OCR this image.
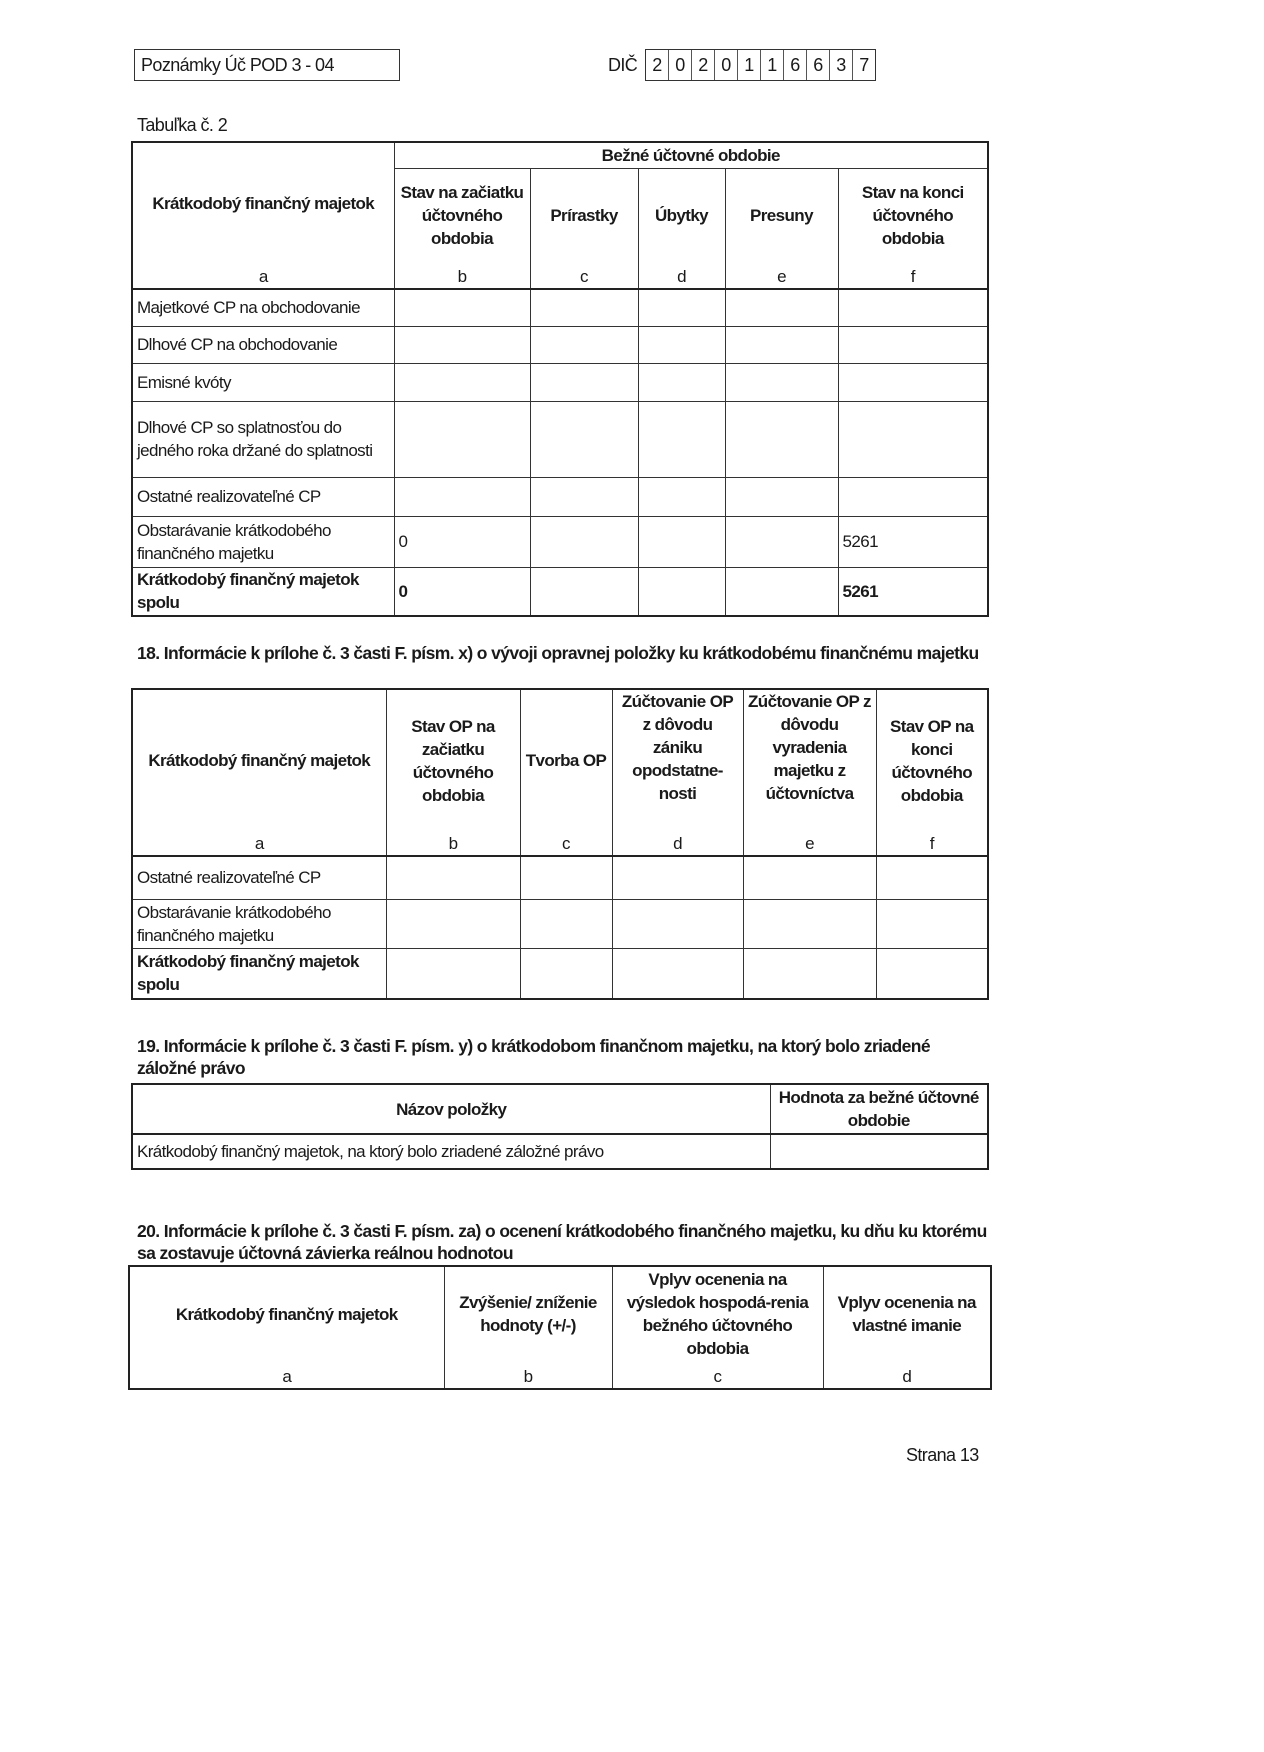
Poznámky Úč POD 3 - 04	DIČ 2 0 2 0 1 1 6 6 3 7
Tabuľka č. 2
Krátkodobý finančný majetok	Bežné účtovné obdobie				
	Stav na začiatku účtovného obdobia	Prírastky	Úbytky	Presuny	Stav na konci účtovného obdobia
a	b	c	d	e	f
Majetkové CP na obchodovanie					
Dlhové CP na obchodovanie					
Emisné kvóty					
Dlhové CP so splatnosťou do jedného roka držané do splatnosti					
Ostatné realizovateľné CP					
Obstarávanie krátkodobého finančného majetku	0				5261
Krátkodobý finančný majetok spolu	0				5261
18. Informácie k prílohe č. 3 časti F. písm. x) o vývoji opravnej položky ku krátkodobému finančnému majetku
Krátkodobý finančný majetok	Stav OP na začiatku účtovného obdobia	Tvorba OP	Zúčtovanie OP z dôvodu zániku opodstatne-nosti	Zúčtovanie OP z dôvodu vyradenia majetku z účtovníctva	Stav OP na konci účtovného obdobia
a	b	c	d	e	f
Ostatné realizovateľné CP					
Obstarávanie krátkodobého finančného majetku					
Krátkodobý finančný majetok spolu					
19. Informácie k prílohe č. 3 časti F. písm. y) o krátkodobom finančnom majetku, na ktorý bolo zriadené záložné právo
Názov položky	Hodnota za bežné účtovné obdobie
Krátkodobý finančný majetok, na ktorý bolo zriadené záložné právo	
20. Informácie k prílohe č. 3 časti F. písm. za) o ocenení krátkodobého finančného majetku, ku dňu ku ktorému sa zostavuje účtovná závierka reálnou hodnotou
Krátkodobý finančný majetok	Zvýšenie/ zníženie hodnoty (+/-)	Vplyv ocenenia na výsledok hospodá-renia bežného účtovného obdobia	Vplyv ocenenia na vlastné imanie
a	b	c	d
Strana 13
